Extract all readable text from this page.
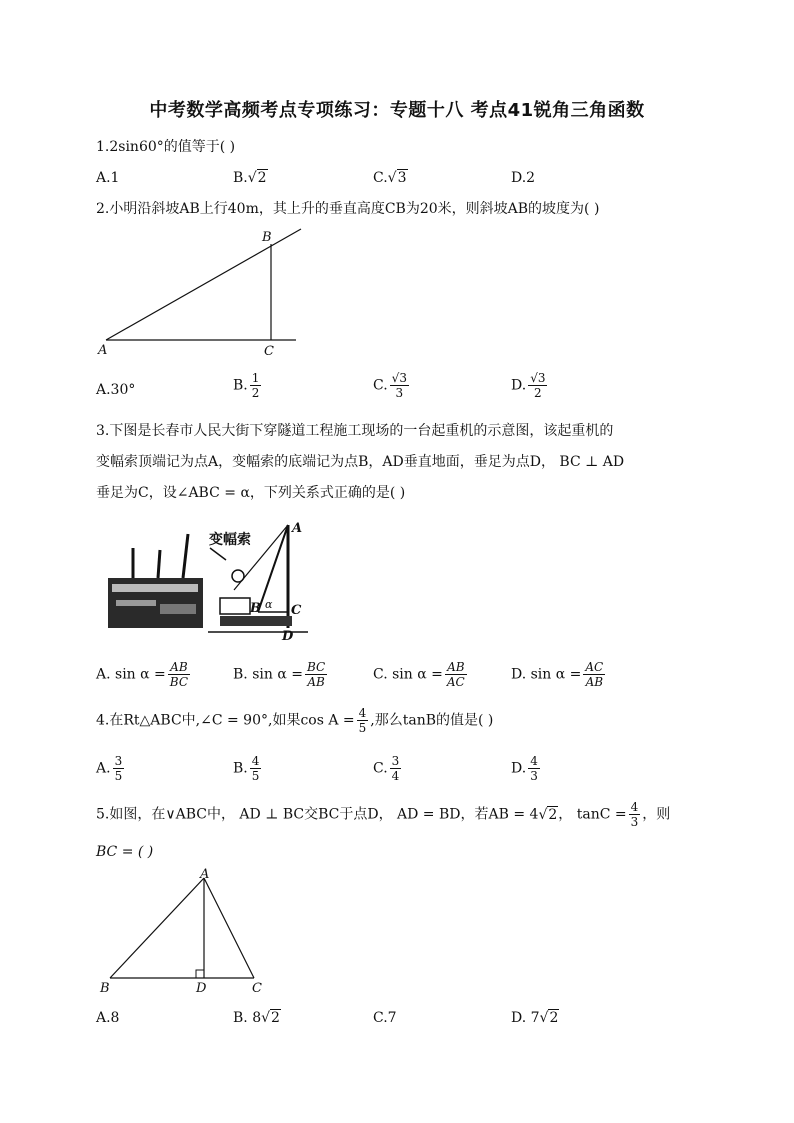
中考数学高频考点专项练习：专题十八 考点41锐角三角函数
1.2sin60°的值等于( )
A.1	B.√2	C.√3	D.2
2.小明沿斜坡AB上行40m，其上升的垂直高度CB为20米，则斜坡AB的坡度为( )
B
A	C
A.30°	B. $\frac{1}{2}$	C. $\frac{√3}{3}$	D. $\frac{√3}{2}$
3.下图是长春市人民大街下穿隧道工程施工现场的一台起重机的示意图，该起重机的
变幅索顶端记为点A，变幅索的底端记为点B，AD垂直地面，垂足为点D， BC ⊥ AD
垂足为C，设∠ABC = α，下列关系式正确的是( )
变幅索
A
B C
D
α
A. $\sin \alpha = \frac{AB}{BC}$	B. $\sin \alpha = \frac{BC}{AB}$	C. $\sin \alpha = \frac{AB}{AC}$	D. $\sin \alpha = \frac{AC}{AB}$
4.在Rt△ABC中,∠C = 90°,如果$\cos A = \frac{4}{5}$ ,那么tanB的值是( )
A. $\frac{3}{5}$	B. $\frac{4}{5}$	C. $\frac{3}{4}$	D. $\frac{4}{3}$
5.如图，在∨ABC中， AD ⊥ BC交BC于点D， AD = BD，若AB = 4√2， $\tan C = \frac{4}{3}$ ，则
BC = ( )
A
B	D	C
A.8	B. 8√2	C.7	D. 7√2
